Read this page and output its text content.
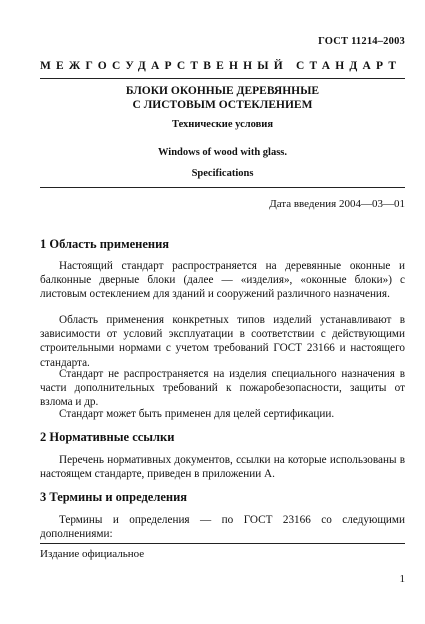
ГОСТ 11214–2003
МЕЖГОСУДАРСТВЕННЫЙ СТАНДАРТ
БЛОКИ ОКОННЫЕ ДЕРЕВЯННЫЕ
С ЛИСТОВЫМ ОСТЕКЛЕНИЕМ
Технические условия
Windows of wood with glass.
Specifications
Дата введения 2004—03—01
1 Область применения
Настоящий стандарт распространяется на деревянные оконные и балконные дверные блоки (далее — «изделия», «оконные блоки») с листовым остеклением для зданий и сооружений различного назначения.
Область применения конкретных типов изделий устанавливают в зависимости от условий эксплуатации в соответствии с действующими строительными нормами с учетом требований ГОСТ 23166 и настоящего стандарта.
Стандарт не распространяется на изделия специального назначения в части дополнительных требований к пожаробезопасности, защиты от взлома и др.
Стандарт может быть применен для целей сертификации.
2 Нормативные ссылки
Перечень нормативных документов, ссылки на которые использованы в настоящем стандарте, приведен в приложении А.
3 Термины и определения
Термины и определения — по ГОСТ 23166 со следующими дополнениями:
Издание официальное
1
